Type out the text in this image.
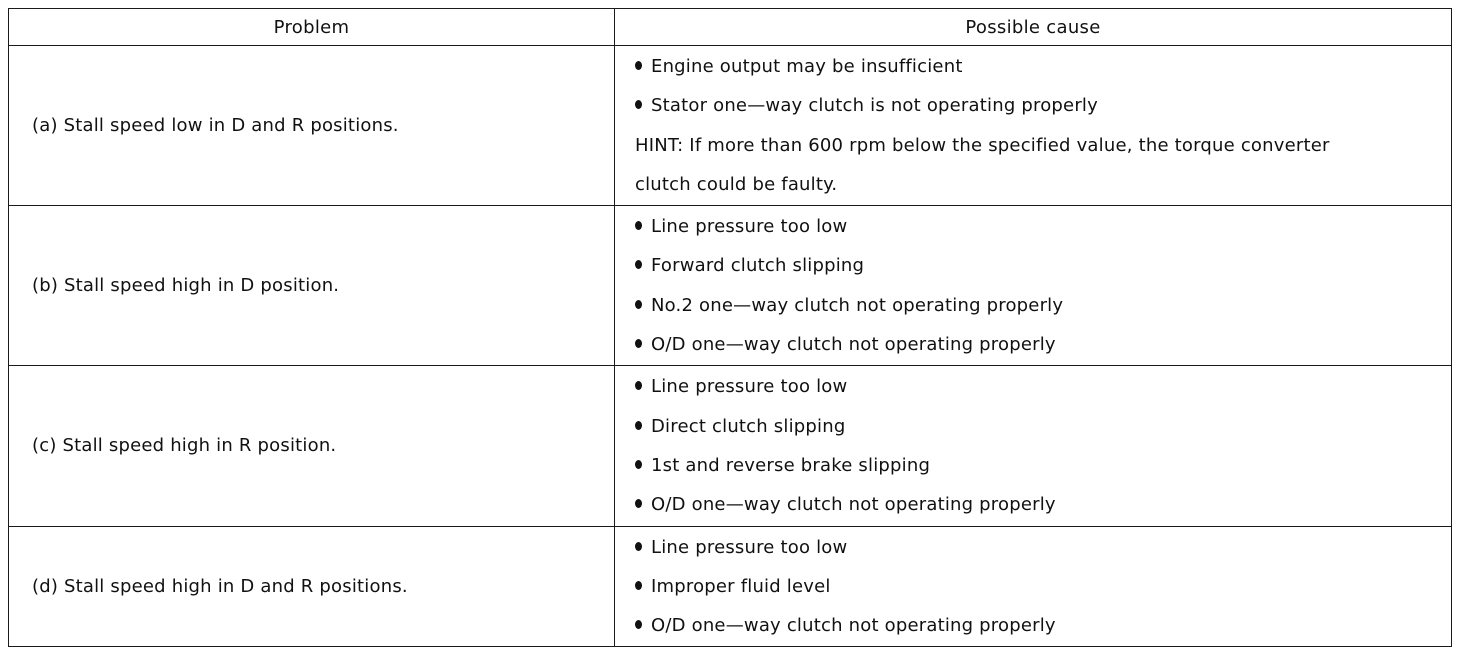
Problem	Possible cause
(a) Stall speed low in D and R positions.	Engine output may be insufficient
Stator one—way clutch is not operating properly
HINT: If more than 600 rpm below the specified value, the torque converter
clutch could be faulty.

(b) Stall speed high in D position.	Line pressure too low
Forward clutch slipping
No.2 one—way clutch not operating properly
O/D one—way clutch not operating properly

(c) Stall speed high in R position.	Line pressure too low
Direct clutch slipping
1st and reverse brake slipping
O/D one—way clutch not operating properly

(d) Stall speed high in D and R positions.	Line pressure too low
Improper fluid level
O/D one—way clutch not operating properly
